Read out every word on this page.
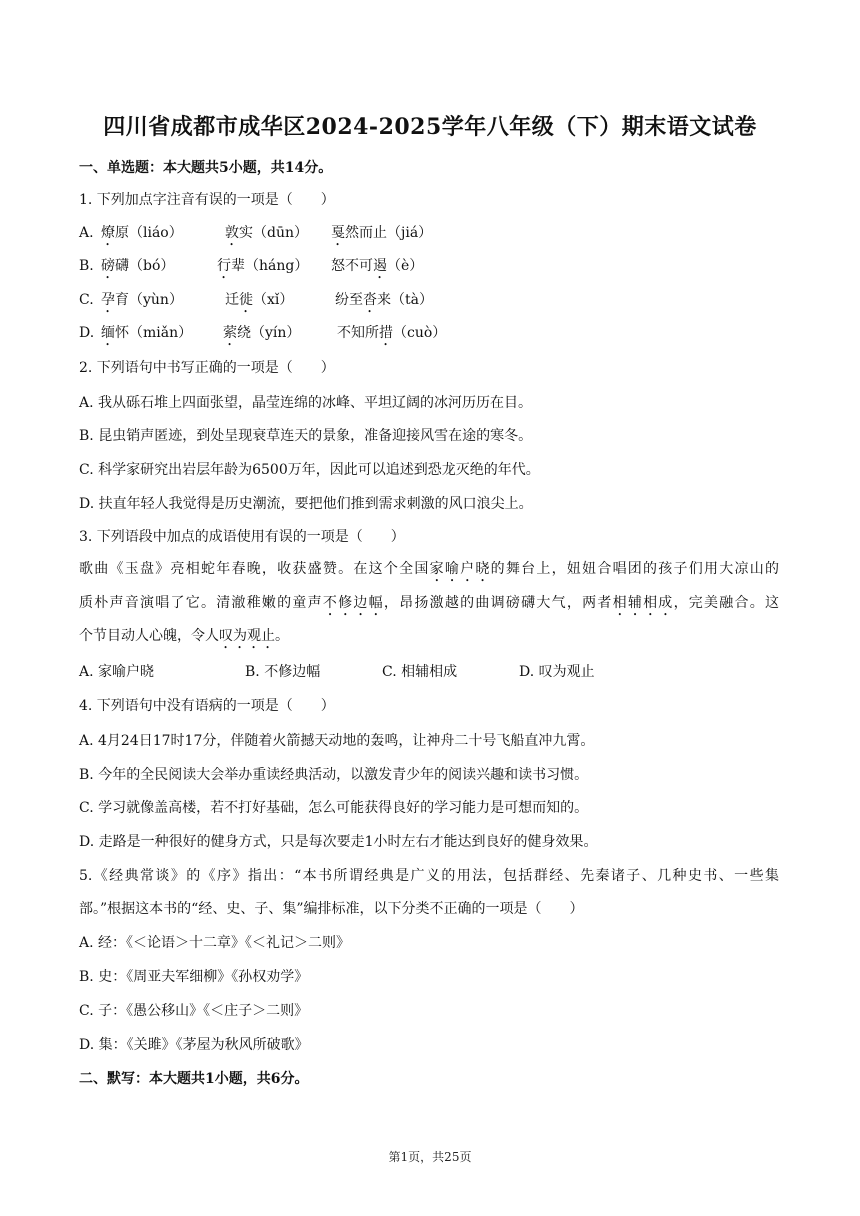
四川省成都市成华区2024-2025学年八年级（下）期末语文试卷
一、单选题：本大题共5小题，共14分。
1. 下列加点字注音有误的一项是（　　）
A. 燎原（liáo）	敦实（dūn） 戛然而止（jiá）
B. 磅礴（bó）	行辈（háng） 怒不可遏（è）
C. 孕育（yùn）	迁徙（xǐ）	纷至沓来（tà）
D. 缅怀（miǎn） 萦绕（yín）	不知所措（cuò）
2. 下列语句中书写正确的一项是（　　）
A. 我从砾石堆上四面张望，晶莹连绵的冰峰、平坦辽阔的冰河历历在目。
B. 昆虫销声匿迹，到处呈现衰草连天的景象，准备迎接风雪在途的寒冬。
C. 科学家研究出岩层年龄为6500万年，因此可以追述到恐龙灭绝的年代。
D. 扶直年轻人我觉得是历史潮流，要把他们推到需求刺激的风口浪尖上。
3. 下列语段中加点的成语使用有误的一项是（　　）
歌曲《玉盘》亮相蛇年春晚，收获盛赞。在这个全国家喻户晓的舞台上，妞妞合唱团的孩子们用大凉山的
质朴声音演唱了它。清澈稚嫩的童声不修边幅，昂扬激越的曲调磅礴大气，两者相辅相成，完美融合。这
个节目动人心魄，令人叹为观止。
A. 家喻户晓	B. 不修边幅	C. 相辅相成	D. 叹为观止
4. 下列语句中没有语病的一项是（　　）
A. 4月24日17时17分，伴随着火箭撼天动地的轰鸣，让神舟二十号飞船直冲九霄。
B. 今年的全民阅读大会举办重读经典活动，以激发青少年的阅读兴趣和读书习惯。
C. 学习就像盖高楼，若不打好基础，怎么可能获得良好的学习能力是可想而知的。
D. 走路是一种很好的健身方式，只是每次要走1小时左右才能达到良好的健身效果。
5.《经典常谈》的《序》指出：“本书所谓经典是广义的用法，包括群经、先秦诸子、几种史书、一些集
部。”根据这本书的“经、史、子、集”编排标准，以下分类不正确的一项是（　　）
A. 经：《＜论语＞十二章》《＜礼记＞二则》
B. 史：《周亚夫军细柳》《孙权劝学》
C. 子：《愚公移山》《＜庄子＞二则》
D. 集：《关雎》《茅屋为秋风所破歌》
二、默写：本大题共1小题，共6分。
第1页，共25页
